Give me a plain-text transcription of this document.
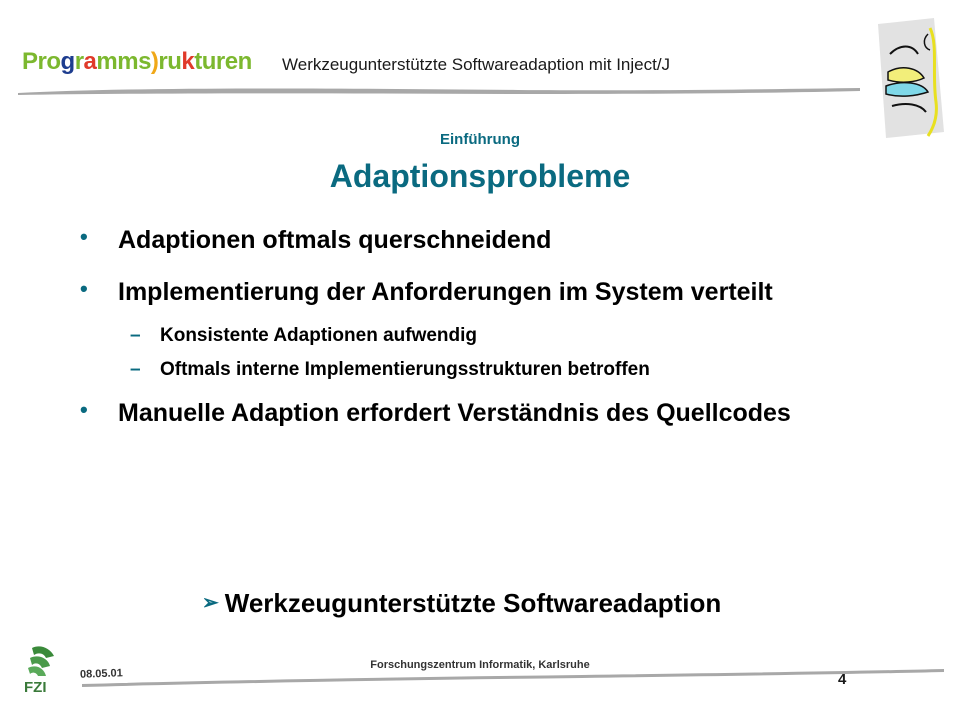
Programms)rukturen Werkzeugunterstützte Softwareadaption mit Inject/J
Einführung
Adaptionsprobleme
• Adaptionen oftmals querschneidend
• Implementierung der Anforderungen im System verteilt
– Konsistente Adaptionen aufwendig
– Oftmals interne Implementierungsstrukturen betroffen
• Manuelle Adaption erfordert Verständnis des Quellcodes
➢ Werkzeugunterstützte Softwareadaption
FZI
08.05.01
Forschungszentrum Informatik, Karlsruhe
4
